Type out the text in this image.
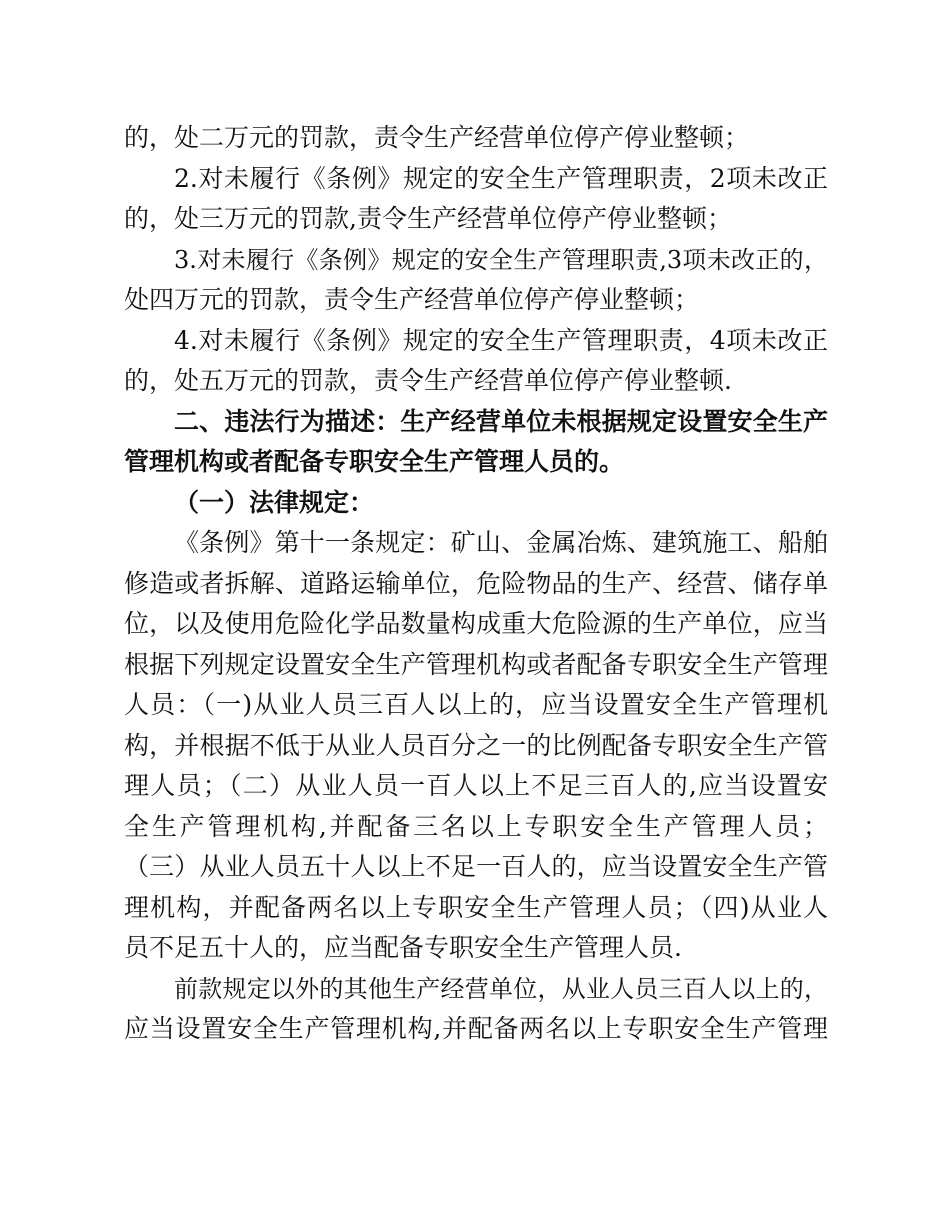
的，处二万元的罚款，责令生产经营单位停产停业整顿；
2.对未履行《条例》规定的安全生产管理职责，2项未改正
的，处三万元的罚款,责令生产经营单位停产停业整顿；
3.对未履行《条例》规定的安全生产管理职责,3项未改正的，
处四万元的罚款，责令生产经营单位停产停业整顿；
4.对未履行《条例》规定的安全生产管理职责，4项未改正
的，处五万元的罚款，责令生产经营单位停产停业整顿.
二、违法行为描述：生产经营单位未根据规定设置安全生产
管理机构或者配备专职安全生产管理人员的。
（一）法律规定：
《条例》第十一条规定：矿山、金属冶炼、建筑施工、船舶
修造或者拆解、道路运输单位，危险物品的生产、经营、储存单
位，以及使用危险化学品数量构成重大危险源的生产单位，应当
根据下列规定设置安全生产管理机构或者配备专职安全生产管理
人员：（一)从业人员三百人以上的，应当设置安全生产管理机
构，并根据不低于从业人员百分之一的比例配备专职安全生产管
理人员；（二）从业人员一百人以上不足三百人的,应当设置安
全生产管理机构,并配备三名以上专职安全生产管理人员；
（三）从业人员五十人以上不足一百人的，应当设置安全生产管
理机构，并配备两名以上专职安全生产管理人员；（四)从业人
员不足五十人的，应当配备专职安全生产管理人员.
前款规定以外的其他生产经营单位，从业人员三百人以上的，
应当设置安全生产管理机构,并配备两名以上专职安全生产管理
